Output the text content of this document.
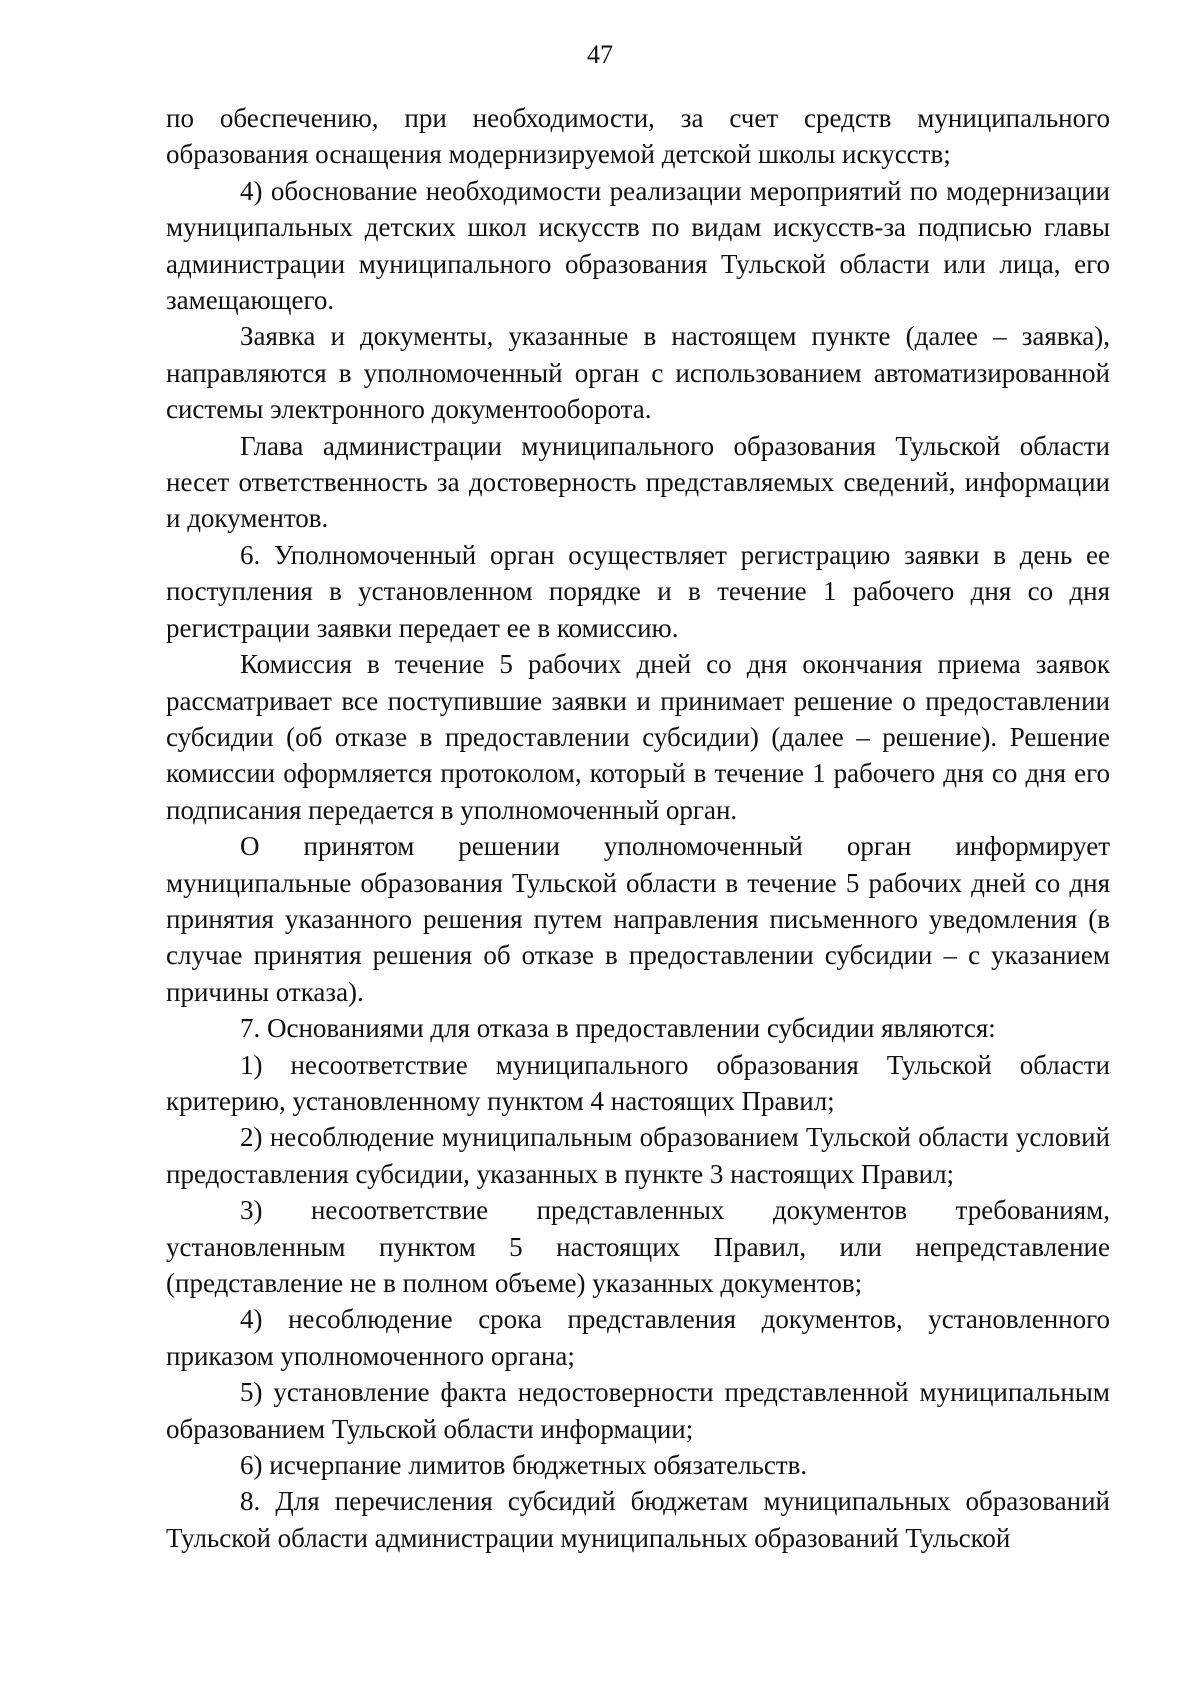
47

по обеспечению, при необходимости, за счет средств муниципального образования оснащения модернизируемой детской школы искусств;

4) обоснование необходимости реализации мероприятий по модернизации муниципальных детских школ искусств по видам искусств-за подписью главы администрации муниципального образования Тульской области или лица, его замещающего.

Заявка и документы, указанные в настоящем пункте (далее – заявка), направляются в уполномоченный орган с использованием автоматизированной системы электронного документооборота.

Глава администрации муниципального образования Тульской области несет ответственность за достоверность представляемых сведений, информации и документов.

6. Уполномоченный орган осуществляет регистрацию заявки в день ее поступления в установленном порядке и в течение 1 рабочего дня со дня регистрации заявки передает ее в комиссию.

Комиссия в течение 5 рабочих дней со дня окончания приема заявок рассматривает все поступившие заявки и принимает решение о предоставлении субсидии (об отказе в предоставлении субсидии) (далее – решение). Решение комиссии оформляется протоколом, который в течение 1 рабочего дня со дня его подписания передается в уполномоченный орган.

О принятом решении уполномоченный орган информирует муниципальные образования Тульской области в течение 5 рабочих дней со дня принятия указанного решения путем направления письменного уведомления (в случае принятия решения об отказе в предоставлении субсидии – с указанием причины отказа).

7. Основаниями для отказа в предоставлении субсидии являются:

1) несоответствие муниципального образования Тульской области критерию, установленному пунктом 4 настоящих Правил;

2) несоблюдение муниципальным образованием Тульской области условий предоставления субсидии, указанных в пункте 3 настоящих Правил;

3) несоответствие представленных документов требованиям, установленным пунктом 5 настоящих Правил, или непредставление (представление не в полном объеме) указанных документов;

4) несоблюдение срока представления документов, установленного приказом уполномоченного органа;

5) установление факта недостоверности представленной муниципальным образованием Тульской области информации;

6) исчерпание лимитов бюджетных обязательств.

8. Для перечисления субсидий бюджетам муниципальных образований Тульской области администрации муниципальных образований Тульской
